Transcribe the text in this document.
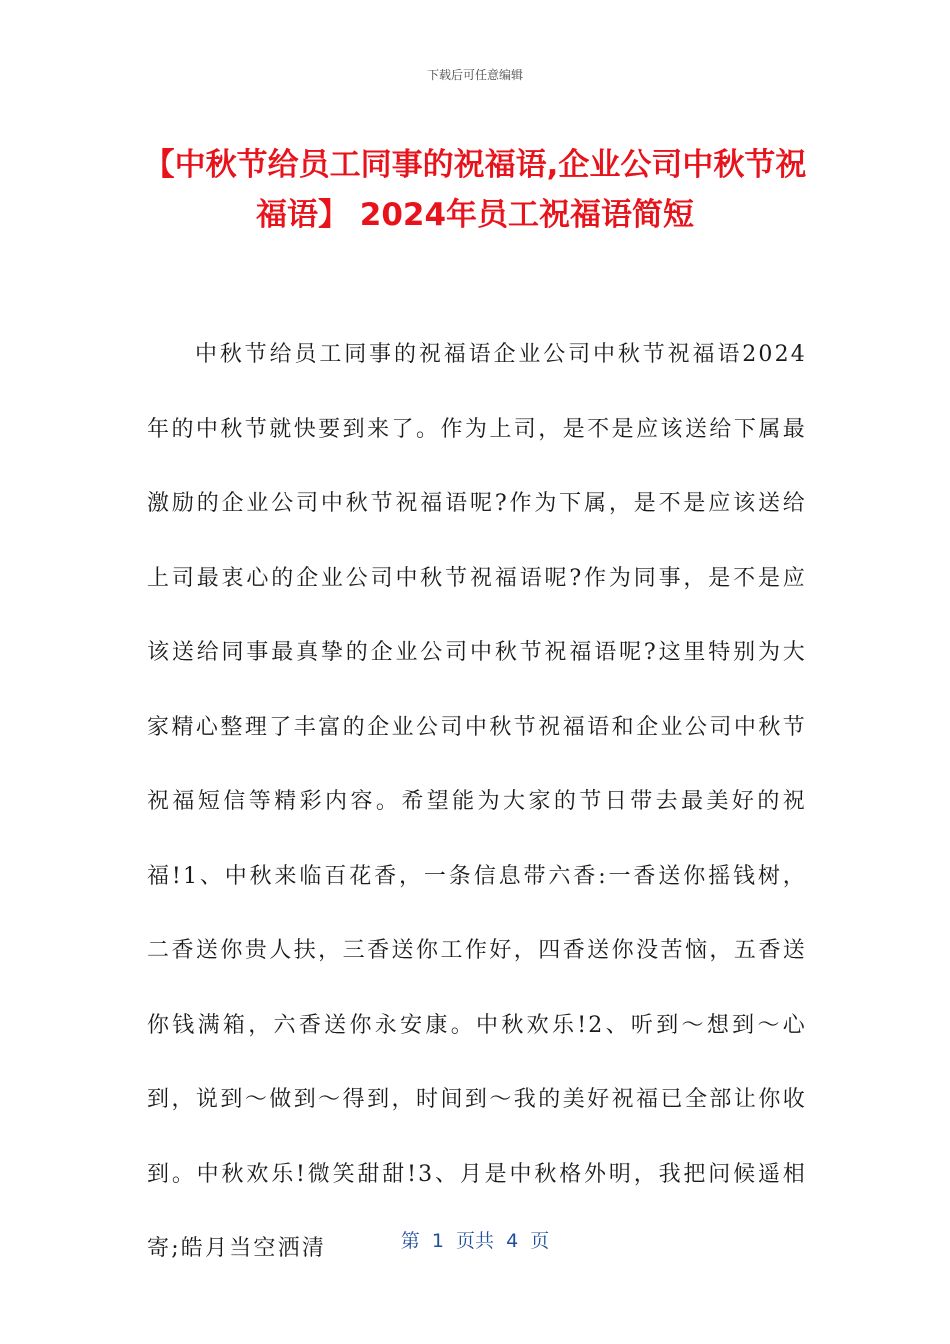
下载后可任意编辑
【中秋节给员工同事的祝福语,企业公司中秋节祝福语】 2024年员工祝福语简短

中秋节给员工同事的祝福语企业公司中秋节祝福语2024年的中秋节就快要到来了。作为上司，是不是应该送给下属最激励的企业公司中秋节祝福语呢?作为下属，是不是应该送给上司最衷心的企业公司中秋节祝福语呢?作为同事，是不是应该送给同事最真挚的企业公司中秋节祝福语呢?这里特别为大家精心整理了丰富的企业公司中秋节祝福语和企业公司中秋节祝福短信等精彩内容。希望能为大家的节日带去最美好的祝福!1、中秋来临百花香，一条信息带六香:一香送你摇钱树，二香送你贵人扶，三香送你工作好，四香送你没苦恼，五香送你钱满箱，六香送你永安康。中秋欢乐!2、听到～想到～心到，说到～做到～得到，时间到～我的美好祝福已全部让你收到。中秋欢乐!微笑甜甜!3、月是中秋格外明，我把问候遥相寄;皓月当空洒清	第  1  页共  4  页
